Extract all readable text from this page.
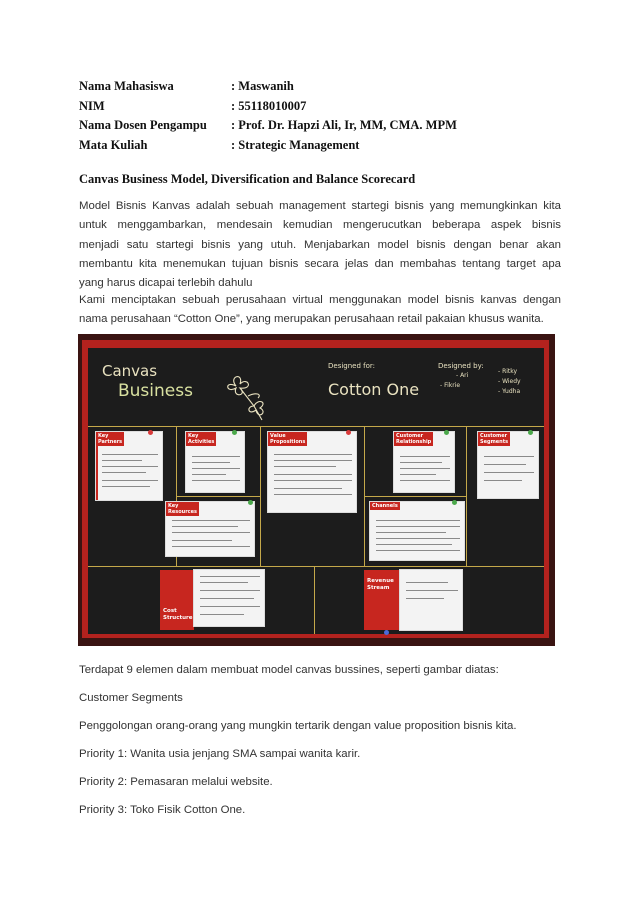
Nama Mahasiswa	: Maswanih
NIM	: 55118010007
Nama Dosen Pengampu : Prof. Dr. Hapzi Ali, Ir, MM, CMA. MPM
Mata Kuliah	: Strategic Management
Canvas Business Model, Diversification and Balance Scorecard
Model Bisnis Kanvas adalah sebuah management startegi bisnis yang memungkinkan kita
untuk menggambarkan, mendesain kemudian mengerucutkan beberapa aspek bisnis
menjadi satu startegi bisnis yang utuh. Menjabarkan model bisnis dengan benar akan
membantu kita menemukan tujuan bisnis secara jelas dan membahas tentang target apa
yang harus dicapai terlebih dahulu
Kami menciptakan sebuah perusahaan virtual menggunakan model bisnis kanvas dengan
nama perusahaan “Cotton One”, yang merupakan perusahaan retail pakaian khusus wanita.
Canvas
Business
Designed for:
Cotton One
Designed by:
- Ari
- Fikrie
- Ritky
- Wiedy
- Yudha
Key
Partners
Key
Activities
Value
Propositions
Customer
Relationship
Customer
Segments
Key
Resources
Channels
Cost
Structure
Revenue
Stream
Terdapat 9 elemen dalam membuat model canvas bussines, seperti gambar diatas:
Customer Segments
Penggolongan orang-orang yang mungkin tertarik dengan value proposition bisnis kita.
Priority 1: Wanita usia jenjang SMA sampai wanita karir.
Priority 2: Pemasaran melalui website.
Priority 3: Toko Fisik Cotton One.
